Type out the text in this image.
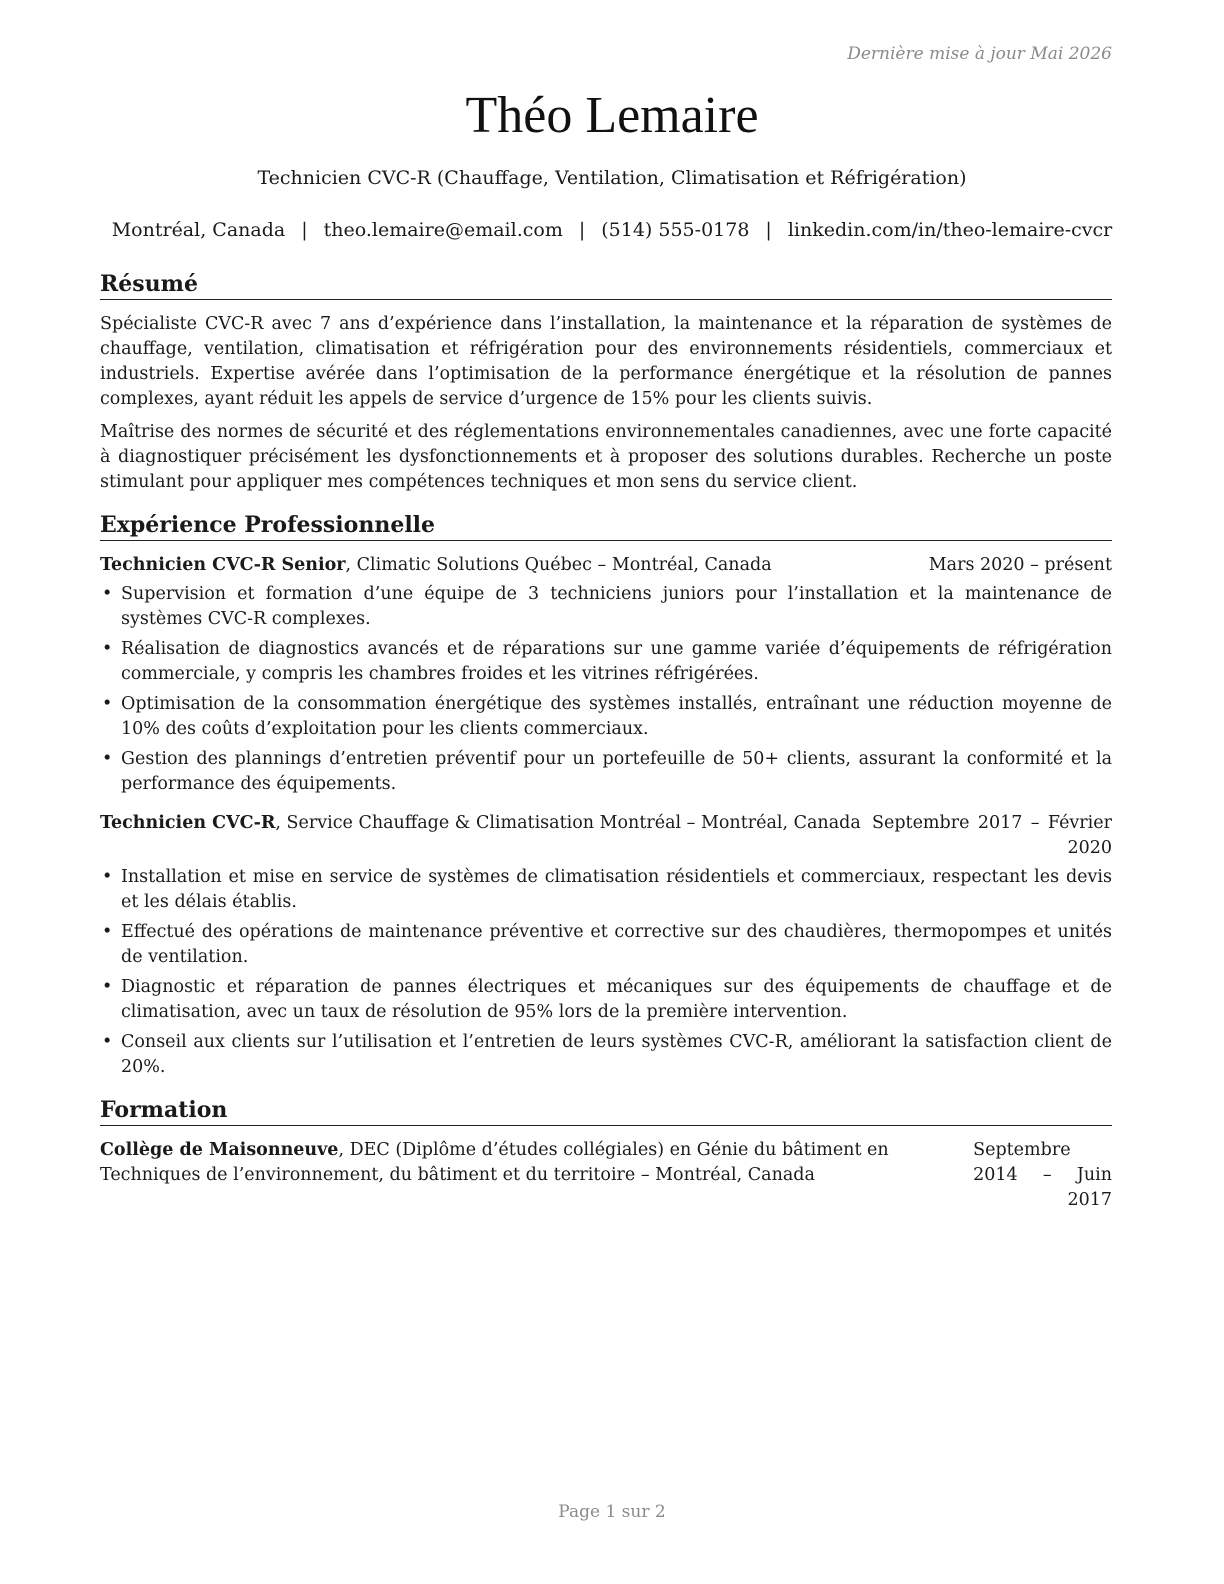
Dernière mise à jour Mai 2026
Théo Lemaire
Technicien CVC-R (Chauffage, Ventilation, Climatisation et Réfrigération)
Montréal, Canada | theo.lemaire@email.com | (514) 555-0178 | linkedin.com/in/theo-lemaire-cvcr
Résumé

Spécialiste CVC-R avec 7 ans d’expérience dans l’installation, la maintenance et la réparation de systèmes de chauffage, ventilation, climatisation et réfrigération pour des environnements résidentiels, commerciaux et industriels. Expertise avérée dans l’optimisation de la performance énergétique et la résolution de pannes complexes, ayant réduit les appels de service d’urgence de 15% pour les clients suivis.

Maîtrise des normes de sécurité et des réglementations environnementales canadiennes, avec une forte capacité à diagnostiquer précisément les dysfonctionnements et à proposer des solutions durables. Recherche un poste stimulant pour appliquer mes compétences techniques et mon sens du service client.

Expérience Professionnelle
Technicien CVC-R Senior, Climatic Solutions Québec – Montréal, Canada	Mars 2020 – présent
• Supervision et formation d’une équipe de 3 techniciens juniors pour l’installation et la maintenance de systèmes CVC-R complexes.
• Réalisation de diagnostics avancés et de réparations sur une gamme variée d’équipements de réfrigération commerciale, y compris les chambres froides et les vitrines réfrigérées.
• Optimisation de la consommation énergétique des systèmes installés, entraînant une réduction moyenne de 10% des coûts d’exploitation pour les clients commerciaux.
• Gestion des plannings d’entretien préventif pour un portefeuille de 50+ clients, assurant la conformité et la performance des équipements.
Technicien CVC-R, Service Chauffage & Climatisation Montréal – Montréal, Canada Septembre 2017 – Février 2020
• Installation et mise en service de systèmes de climatisation résidentiels et commerciaux, respectant les devis et les délais établis.
• Effectué des opérations de maintenance préventive et corrective sur des chaudières, thermopompes et unités de ventilation.
• Diagnostic et réparation de pannes électriques et mécaniques sur des équipements de chauffage et de climatisation, avec un taux de résolution de 95% lors de la première intervention.
• Conseil aux clients sur l’utilisation et l’entretien de leurs systèmes CVC-R, améliorant la satisfaction client de 20%.
Formation
Collège de Maisonneuve, DEC (Diplôme d’études collégiales) en Génie du bâtiment en Techniques de l’environnement, du bâtiment et du territoire – Montréal, Canada
Septembre 2014 – Juin 2017
Page 1 sur 2
